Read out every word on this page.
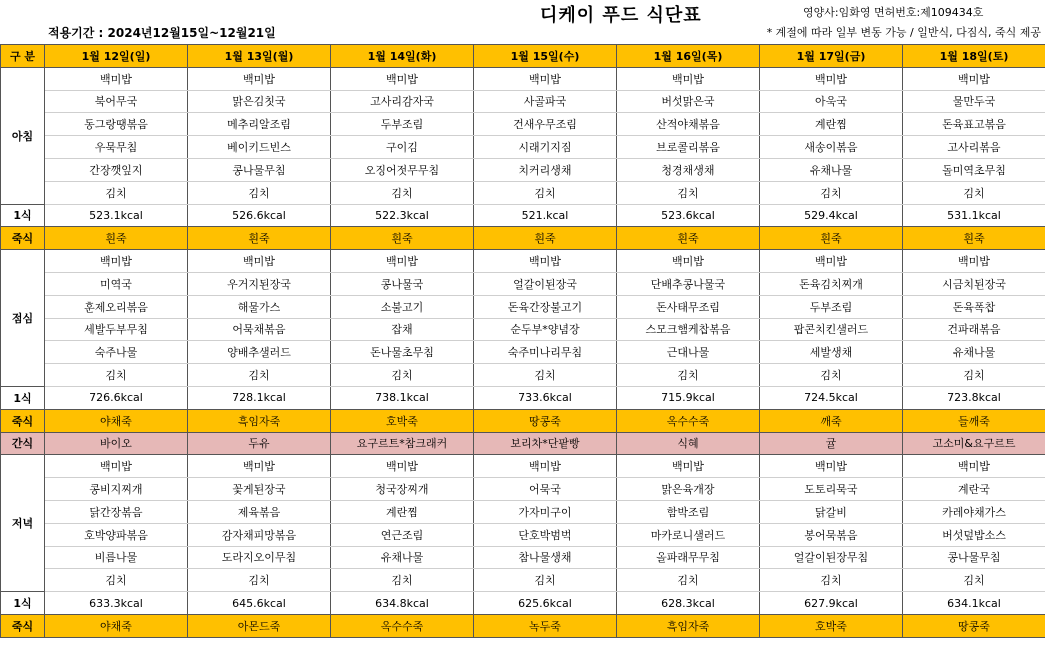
디케이 푸드 식단표
적용기간 : 2024년12월15일~12월21일
영양사:임화영 면허번호:제109434호
* 계절에 따라 일부 변동 가능 / 일반식, 다짐식, 죽식 제공
구 분	1월 12일(일)	1월 13일(월)	1월 14일(화)	1월 15일(수)	1월 16일(목)	1월 17일(금)	1월 18일(토)
아침	백미밥	백미밥	백미밥	백미밥	백미밥	백미밥	백미밥
	북어무국	맑은김칫국	고사리감자국	사골파국	버섯맑은국	아욱국	물만두국
	동그랑땡볶음	메추리알조림	두부조림	건새우무조림	산적야채볶음	계란찜	돈육표고볶음
	우묵무침	베이키드빈스	구이김	시래기지짐	브로콜리볶음	새송이볶음	고사리볶음
	간장깻잎지	콩나물무침	오징어젓무무침	치커리생채	청경채생채	유채나물	돌미역초무침
	김치	김치	김치	김치	김치	김치	김치
1식	523.1kcal	526.6kcal	522.3kcal	521.kcal	523.6kcal	529.4kcal	531.1kcal
죽식	흰죽	흰죽	흰죽	흰죽	흰죽	흰죽	흰죽
점심	백미밥	백미밥	백미밥	백미밥	백미밥	백미밥	백미밥
	미역국	우거지된장국	콩나물국	얼갈이된장국	단배추콩나물국	돈육김치찌개	시금치된장국
	훈제오리볶음	해물가스	소불고기	돈육간장불고기	돈사태무조림	두부조림	돈육폭찹
	세발두부무침	어묵채볶음	잡채	순두부*양념장	스모크햄케찹볶음	팝콘치킨샐러드	건파래볶음
	숙주나물	양배추샐러드	돈나물초무침	숙주미나리무침	근대나물	세발생채	유채나물
	김치	김치	김치	김치	김치	김치	김치
1식	726.6kcal	728.1kcal	738.1kcal	733.6kcal	715.9kcal	724.5kcal	723.8kcal
죽식	야채죽	흑임자죽	호박죽	땅콩죽	옥수수죽	깨죽	들깨죽
간식	바이오	두유	요구르트*참크래커	보리차*단팥빵	식혜	귤	고소미&요구르트
저녁	백미밥	백미밥	백미밥	백미밥	백미밥	백미밥	백미밥
	콩비지찌개	꽃게된장국	청국장찌개	어묵국	맑은육개장	도토리묵국	계란국
	닭간장볶음	제육볶음	계란찜	가자미구이	함박조림	닭갈비	카레야채가스
	호박양파볶음	감자채피망볶음	연근조림	단호박범벅	마카로니샐러드	봉어묵볶음	버섯덮밥소스
	비름나물	도라지오이무침	유채나물	참나물생채	올파래무무침	얼갈이된장무침	콩나물무침
	김치	김치	김치	김치	김치	김치	김치
1식	633.3kcal	645.6kcal	634.8kcal	625.6kcal	628.3kcal	627.9kcal	634.1kcal
죽식	야채죽	아몬드죽	옥수수죽	녹두죽	흑임자죽	호박죽	땅콩죽
